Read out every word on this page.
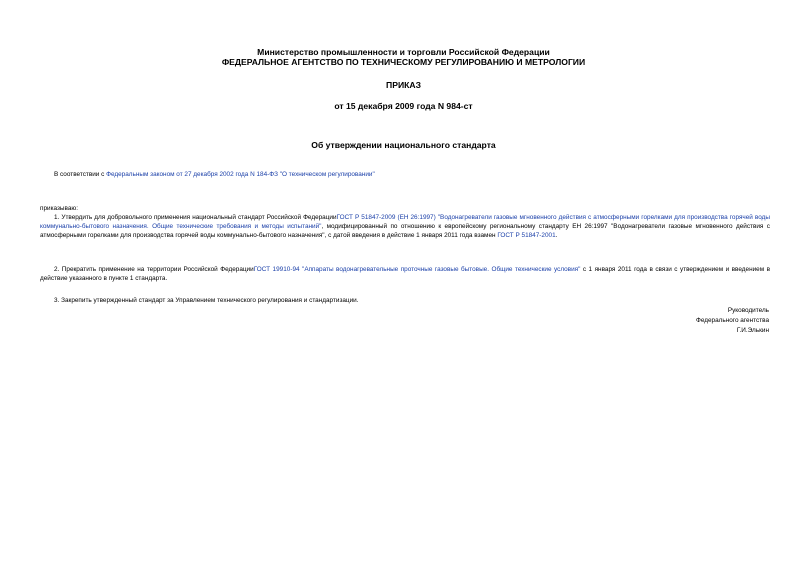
Министерство промышленности и торговли Российской Федерации
ФЕДЕРАЛЬНОЕ АГЕНТСТВО ПО ТЕХНИЧЕСКОМУ РЕГУЛИРОВАНИЮ И МЕТРОЛОГИИ
ПРИКАЗ
от 15 декабря 2009 года N 984-ст
Об утверждении национального стандарта
В соответствии с Федеральным законом от 27 декабря 2002 года N 184-ФЗ "О техническом регулировании"
приказываю:
1. Утвердить для добровольного применения национальный стандарт Российской ФедерацииГОСТ Р 51847-2009 (ЕН 26:1997) "Водонагреватели газовые мгновенного действия с атмосферными горелками для производства горячей воды коммунально-бытового назначения. Общие технические требования и методы испытаний", модифицированный по отношению к европейскому региональному стандарту ЕН 26:1997 "Водонагреватели газовые мгновенного действия с атмосферными горелками для производства горячей воды коммунально-бытового назначения", с датой введения в действие 1 января 2011 года взамен ГОСТ Р 51847-2001.
2. Прекратить применение на территории Российской ФедерацииГОСТ 19910-94 "Аппараты водонагревательные проточные газовые бытовые. Общие технические условия" с 1 января 2011 года в связи с утверждением и введением в действие указанного в пункте 1 стандарта.
3. Закрепить утвержденный стандарт за Управлением технического регулирования и стандартизации.
Руководитель
Федерального агентства
Г.И.Элькин
